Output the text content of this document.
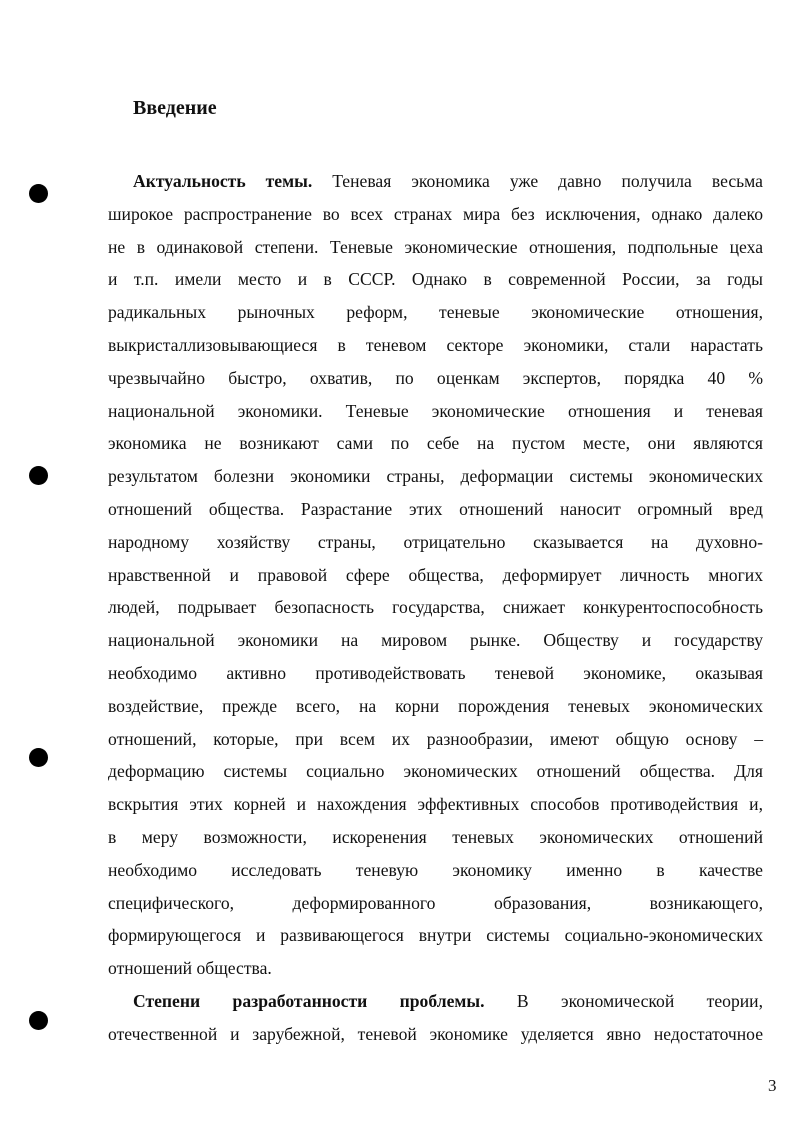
Введение
Актуальность темы. Теневая экономика уже давно получила весьма
широкое распространение во всех странах мира без исключения, однако далеко
не в одинаковой степени. Теневые экономические отношения, подпольные цеха
и т.п. имели место и в СССР. Однако в современной России, за годы
радикальных рыночных реформ, теневые экономические отношения,
выкристаллизовывающиеся в теневом секторе экономики, стали нарастать
чрезвычайно быстро, охватив, по оценкам экспертов, порядка 40 %
национальной экономики. Теневые экономические отношения и теневая
экономика не возникают сами по себе на пустом месте, они являются
результатом болезни экономики страны, деформации системы экономических
отношений общества. Разрастание этих отношений наносит огромный вред
народному хозяйству страны, отрицательно сказывается на духовно-
нравственной и правовой сфере общества, деформирует личность многих
людей, подрывает безопасность государства, снижает конкурентоспособность
национальной экономики на мировом рынке. Обществу и государству
необходимо активно противодействовать теневой экономике, оказывая
воздействие, прежде всего, на корни порождения теневых экономических
отношений, которые, при всем их разнообразии, имеют общую основу –
деформацию системы социально экономических отношений общества. Для
вскрытия этих корней и нахождения эффективных способов противодействия и,
в меру возможности, искоренения теневых экономических отношений
необходимо исследовать теневую экономику именно в качестве
специфического, деформированного образования, возникающего,
формирующегося и развивающегося внутри системы социально-экономических
отношений общества.
Степени разработанности проблемы. В экономической теории,
отечественной и зарубежной, теневой экономике уделяется явно недостаточное
3
